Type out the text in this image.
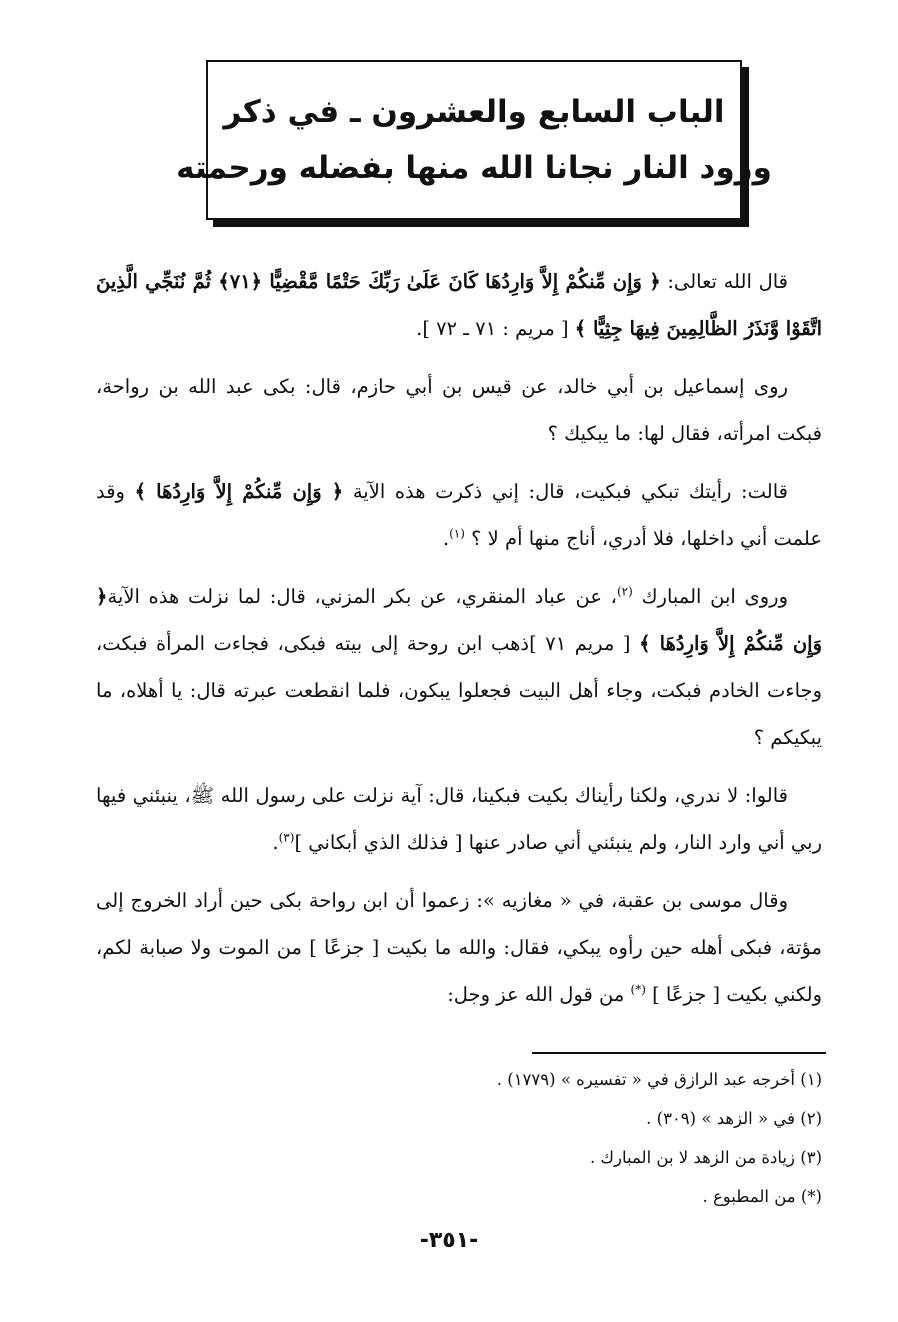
الباب السابع والعشرون ـ في ذكر
ورود النار نجانا الله منها بفضله ورحمته

قال الله تعالى: ﴿ وَإِن مِّنكُمْ إِلاَّ وَارِدُهَا كَانَ عَلَىٰ رَبِّكَ حَتْمًا مَّقْضِيًّا ﴿٧١﴾ ثُمَّ نُنَجِّي الَّذِينَ اتَّقَوْا وَّنَذَرُ الظَّالِمِينَ فِيهَا جِثِيًّا ﴾ [ مريم : ٧١ ـ ٧٢ ].

روى إسماعيل بن أبي خالد، عن قيس بن أبي حازم، قال: بكى عبد الله بن رواحة، فبكت امرأته، فقال لها: ما يبكيك ؟

قالت: رأيتك تبكي فبكيت، قال: إني ذكرت هذه الآية ﴿ وَإِن مِّنكُمْ إِلاَّ وَارِدُهَا ﴾ وقد علمت أني داخلها، فلا أدري، أناج منها أم لا ؟ $^{(١)}$.

وروى ابن المبارك $^{(٢)}$، عن عباد المنقري، عن بكر المزني، قال: لما نزلت هذه الآية﴿ وَإِن مِّنكُمْ إِلاَّ وَارِدُهَا ﴾ [ مريم ٧١ ]ذهب ابن روحة إلى بيته فبكى، فجاءت المرأة فبكت، وجاءت الخادم فبكت، وجاء أهل البيت فجعلوا يبكون، فلما انقطعت عبرته قال: يا أهلاه، ما يبكيكم ؟

قالوا: لا ندري، ولكنا رأيناك بكيت فبكينا، قال: آية نزلت على رسول الله ﷺ، ينبئني فيها ربي أني وارد النار، ولم ينبئني أني صادر عنها [ فذلك الذي أبكاني ]$^{(٣)}$.

وقال موسى بن عقبة، في « مغازيه »: زعموا أن ابن رواحة بكى حين أراد الخروج إلى مؤتة، فبكى أهله حين رأوه يبكي، فقال: والله ما بكيت [ جزعًا ] من الموت ولا صبابة لكم، ولكني بكيت [ جزعًا ] (*) من قول الله عز وجل:

(١) أخرجه عبد الرازق في « تفسيره » (١٧٧٩) .
(٢) في « الزهد » (٣٠٩) .
(٣) زيادة من الزهد لا بن المبارك .
(*) من المطبوع .
-٣٥١-
